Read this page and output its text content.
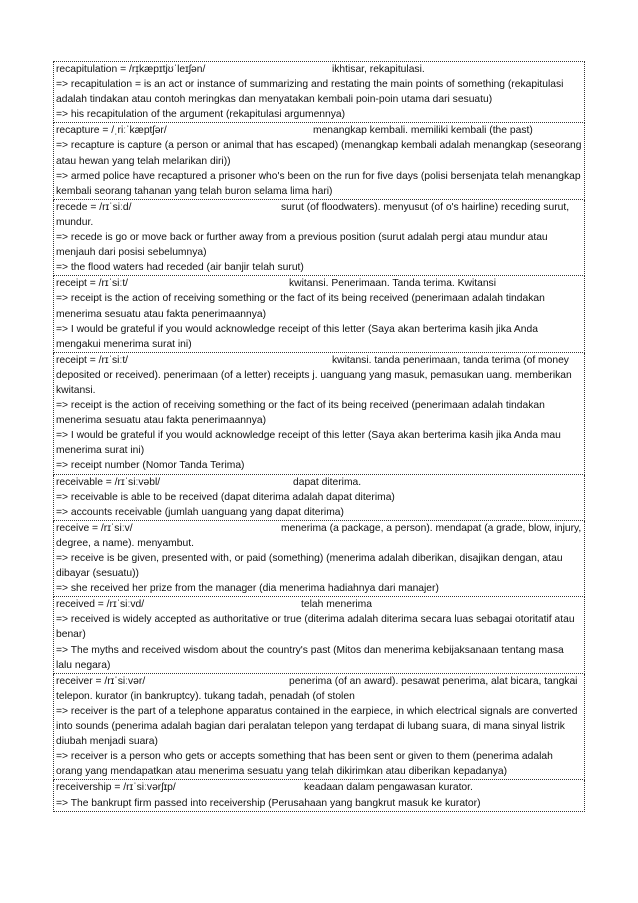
recapitulation = /rɪ̩kæpɪtjʊˈleɪʃən/	ikhtisar, rekapitulasi.
=> recapitulation = is an act or instance of summarizing and restating the main points of something (rekapitulasi adalah tindakan atau contoh meringkas dan menyatakan kembali poin-poin utama dari sesuatu)
=> his recapitulation of the argument (rekapitulasi argumennya)
recapture = /ˌriːˈkæptʃər/	menangkap kembali. memiliki kembali (the past)
=> recapture is capture (a person or animal that has escaped) (menangkap kembali adalah menangkap (seseorang atau hewan yang telah melarikan diri))
=> armed police have recaptured a prisoner who's been on the run for five days (polisi bersenjata telah menangkap kembali seorang tahanan yang telah buron selama lima hari)
recede = /rɪˈsiːd/	surut (of floodwaters). menyusut (of o's hairline) receding surut, mundur.
=> recede is go or move back or further away from a previous position (surut adalah pergi atau mundur atau menjauh dari posisi sebelumnya)
=> the flood waters had receded (air banjir telah surut)
receipt = /rɪˈsiːt/	kwitansi. Penerimaan. Tanda terima. Kwitansi
=> receipt is the action of receiving something or the fact of its being received (penerimaan adalah tindakan menerima sesuatu atau fakta penerimaannya)
=> I would be grateful if you would acknowledge receipt of this letter (Saya akan berterima kasih jika Anda mengakui menerima surat ini)
receipt = /rɪˈsiːt/	kwitansi. tanda penerimaan, tanda terima (of money deposited or received). penerimaan (of a letter) receipts j. uanguang yang masuk, pemasukan uang. memberikan kwitansi.
=> receipt is the action of receiving something or the fact of its being received (penerimaan adalah tindakan menerima sesuatu atau fakta penerimaannya)
=> I would be grateful if you would acknowledge receipt of this letter (Saya akan berterima kasih jika Anda mau menerima surat ini)
=> receipt number (Nomor Tanda Terima)
receivable = /rɪˈsiːvəbl/	dapat diterima.
=> receivable is able to be received (dapat diterima adalah dapat diterima)
=> accounts receivable (jumlah uanguang yang dapat diterima)
receive = /rɪˈsiːv/	menerima (a package, a person). mendapat (a grade, blow, injury, degree, a name). menyambut.
=> receive is be given, presented with, or paid (something) (menerima adalah diberikan, disajikan dengan, atau dibayar (sesuatu))
=> she received her prize from the manager (dia menerima hadiahnya dari manajer)
received = /rɪˈsiːvd/	telah menerima
=> received is widely accepted as authoritative or true (diterima adalah diterima secara luas sebagai otoritatif atau benar)
=> The myths and received wisdom about the country's past (Mitos dan menerima kebijaksanaan tentang masa lalu negara)
receiver = /rɪˈsiːvər/	penerima (of an award). pesawat penerima, alat bicara, tangkai telepon. kurator (in bankruptcy). tukang tadah, penadah (of stolen
=> receiver is the part of a telephone apparatus contained in the earpiece, in which electrical signals are converted into sounds (penerima adalah bagian dari peralatan telepon yang terdapat di lubang suara, di mana sinyal listrik diubah menjadi suara)
=> receiver is a person who gets or accepts something that has been sent or given to them (penerima adalah orang yang mendapatkan atau menerima sesuatu yang telah dikirimkan atau diberikan kepadanya)
receivership = /rɪˈsiːvərʃɪp/	keadaan dalam pengawasan kurator.
=> The bankrupt firm passed into receivership (Perusahaan yang bangkrut masuk ke kurator)
